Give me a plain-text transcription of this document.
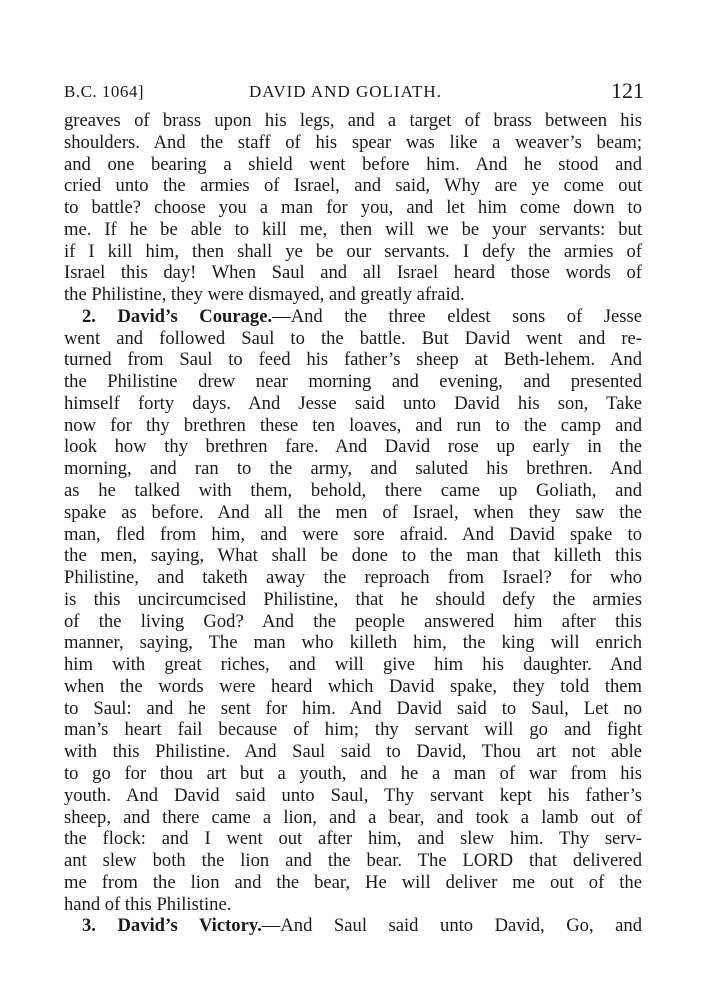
B.C. 1064]	DAVID AND GOLIATH.	121
greaves of brass upon his legs, and a target of brass between his
shoulders. And the staff of his spear was like a weaver’s beam;
and one bearing a shield went before him. And he stood and
cried unto the armies of Israel, and said, Why are ye come out
to battle? choose you a man for you, and let him come down to
me. If he be able to kill me, then will we be your servants: but
if I kill him, then shall ye be our servants. I defy the armies of
Israel this day! When Saul and all Israel heard those words of
the Philistine, they were dismayed, and greatly afraid.
2. David’s Courage.—And the three eldest sons of Jesse
went and followed Saul to the battle. But David went and re-
turned from Saul to feed his father’s sheep at Beth-lehem. And
the Philistine drew near morning and evening, and presented
himself forty days. And Jesse said unto David his son, Take
now for thy brethren these ten loaves, and run to the camp and
look how thy brethren fare. And David rose up early in the
morning, and ran to the army, and saluted his brethren. And
as he talked with them, behold, there came up Goliath, and
spake as before. And all the men of Israel, when they saw the
man, fled from him, and were sore afraid. And David spake to
the men, saying, What shall be done to the man that killeth this
Philistine, and taketh away the reproach from Israel? for who
is this uncircumcised Philistine, that he should defy the armies
of the living God? And the people answered him after this
manner, saying, The man who killeth him, the king will enrich
him with great riches, and will give him his daughter. And
when the words were heard which David spake, they told them
to Saul: and he sent for him. And David said to Saul, Let no
man’s heart fail because of him; thy servant will go and fight
with this Philistine. And Saul said to David, Thou art not able
to go for thou art but a youth, and he a man of war from his
youth. And David said unto Saul, Thy servant kept his father’s
sheep, and there came a lion, and a bear, and took a lamb out of
the flock: and I went out after him, and slew him. Thy serv-
ant slew both the lion and the bear. The LORD that delivered
me from the lion and the bear, He will deliver me out of the
hand of this Philistine.
3. David’s Victory.—And Saul said unto David, Go, and
